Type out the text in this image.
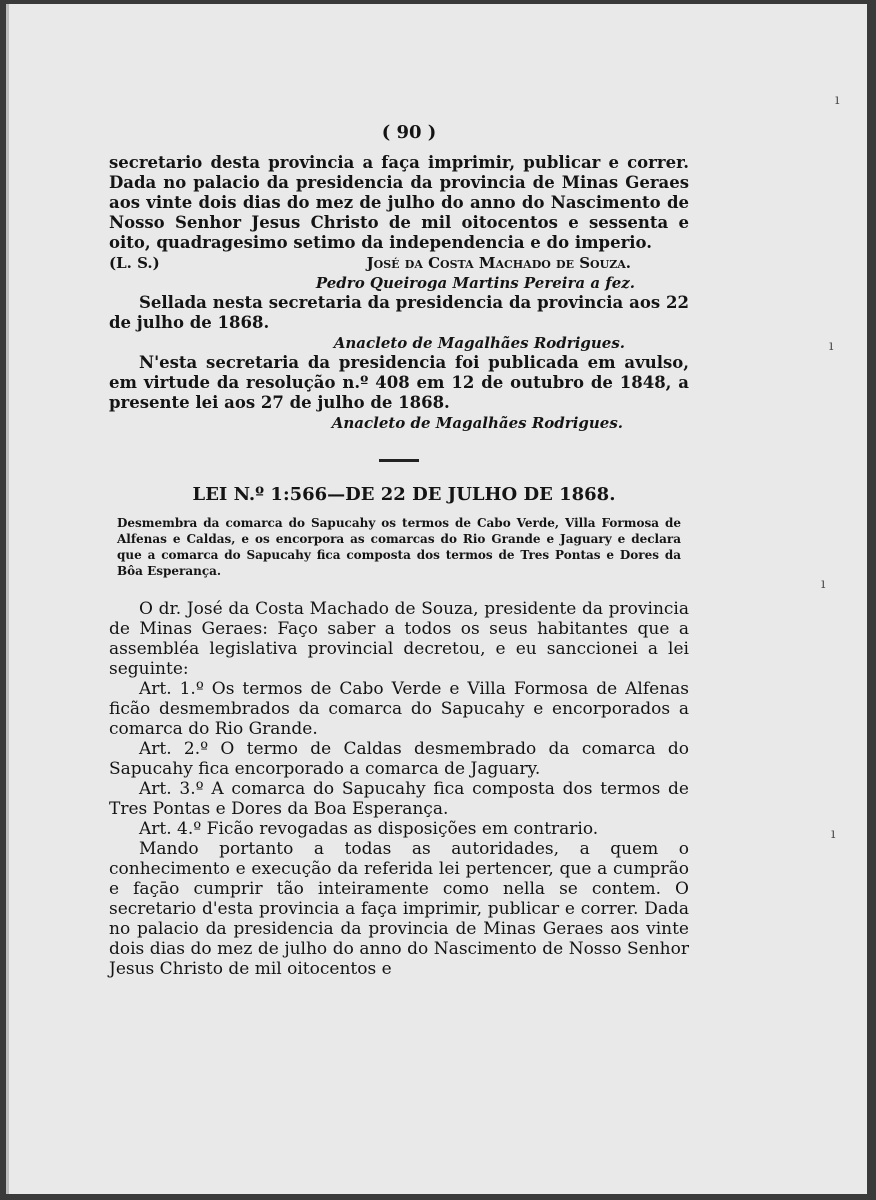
ı
ı
ı
ı
( 90 )

secretario desta provincia a faça imprimir, publicar e correr. Dada no palacio da presidencia da provincia de Minas Geraes aos vinte dois dias do mez de julho do anno do Nascimento de Nosso Senhor Jesus Christo de mil oitocentos e sessenta e oito, quadragesimo setimo da independencia e do imperio.

(L. S.)	José da Costa Machado de Souza.
Pedro Queiroga Martins Pereira a fez.

Sellada nesta secretaria da presidencia da provincia aos 22 de julho de 1868.

Anacleto de Magalhães Rodrigues.

N'esta secretaria da presidencia foi publicada em avulso, em virtude da resolução n.º 408 em 12 de outubro de 1848, a presente lei aos 27 de julho de 1868.

Anacleto de Magalhães Rodrigues.
LEI N.º 1:566—DE 22 DE JULHO DE 1868.

Desmembra da comarca do Sapucahy os termos de Cabo Verde, Villa Formosa de Alfenas e Caldas, e os encorpora as comarcas do Rio Grande e Jaguary e declara que a comarca do Sapucahy fica composta dos termos de Tres Pontas e Dores da Bôa Esperança.

O dr. José da Costa Machado de Souza, presidente da provincia de Minas Geraes: Faço saber a todos os seus habitantes que a assembléa legislativa provincial decretou, e eu sanccionei a lei seguinte:

Art. 1.º Os termos de Cabo Verde e Villa Formosa de Alfenas ficão desmembrados da comarca do Sapucahy e encorporados a comarca do Rio Grande.

Art. 2.º O termo de Caldas desmembrado da comarca do Sapucahy fica encorporado a comarca de Jaguary.

Art. 3.º A comarca do Sapucahy fica composta dos termos de Tres Pontas e Dores da Boa Esperança.

Art. 4.º Ficão revogadas as disposições em contrario.

Mando portanto a todas as autoridades, a quem o conhecimento e execução da referida lei pertencer, que a cumprão e façāo cumprir tão inteiramente como nella se contem. O secretario d'esta provincia a faça imprimir, publicar e correr. Dada no palacio da presidencia da provincia de Minas Geraes aos vinte dois dias do mez de julho do anno do Nascimento de Nosso Senhor Jesus Christo de mil oitocentos e
